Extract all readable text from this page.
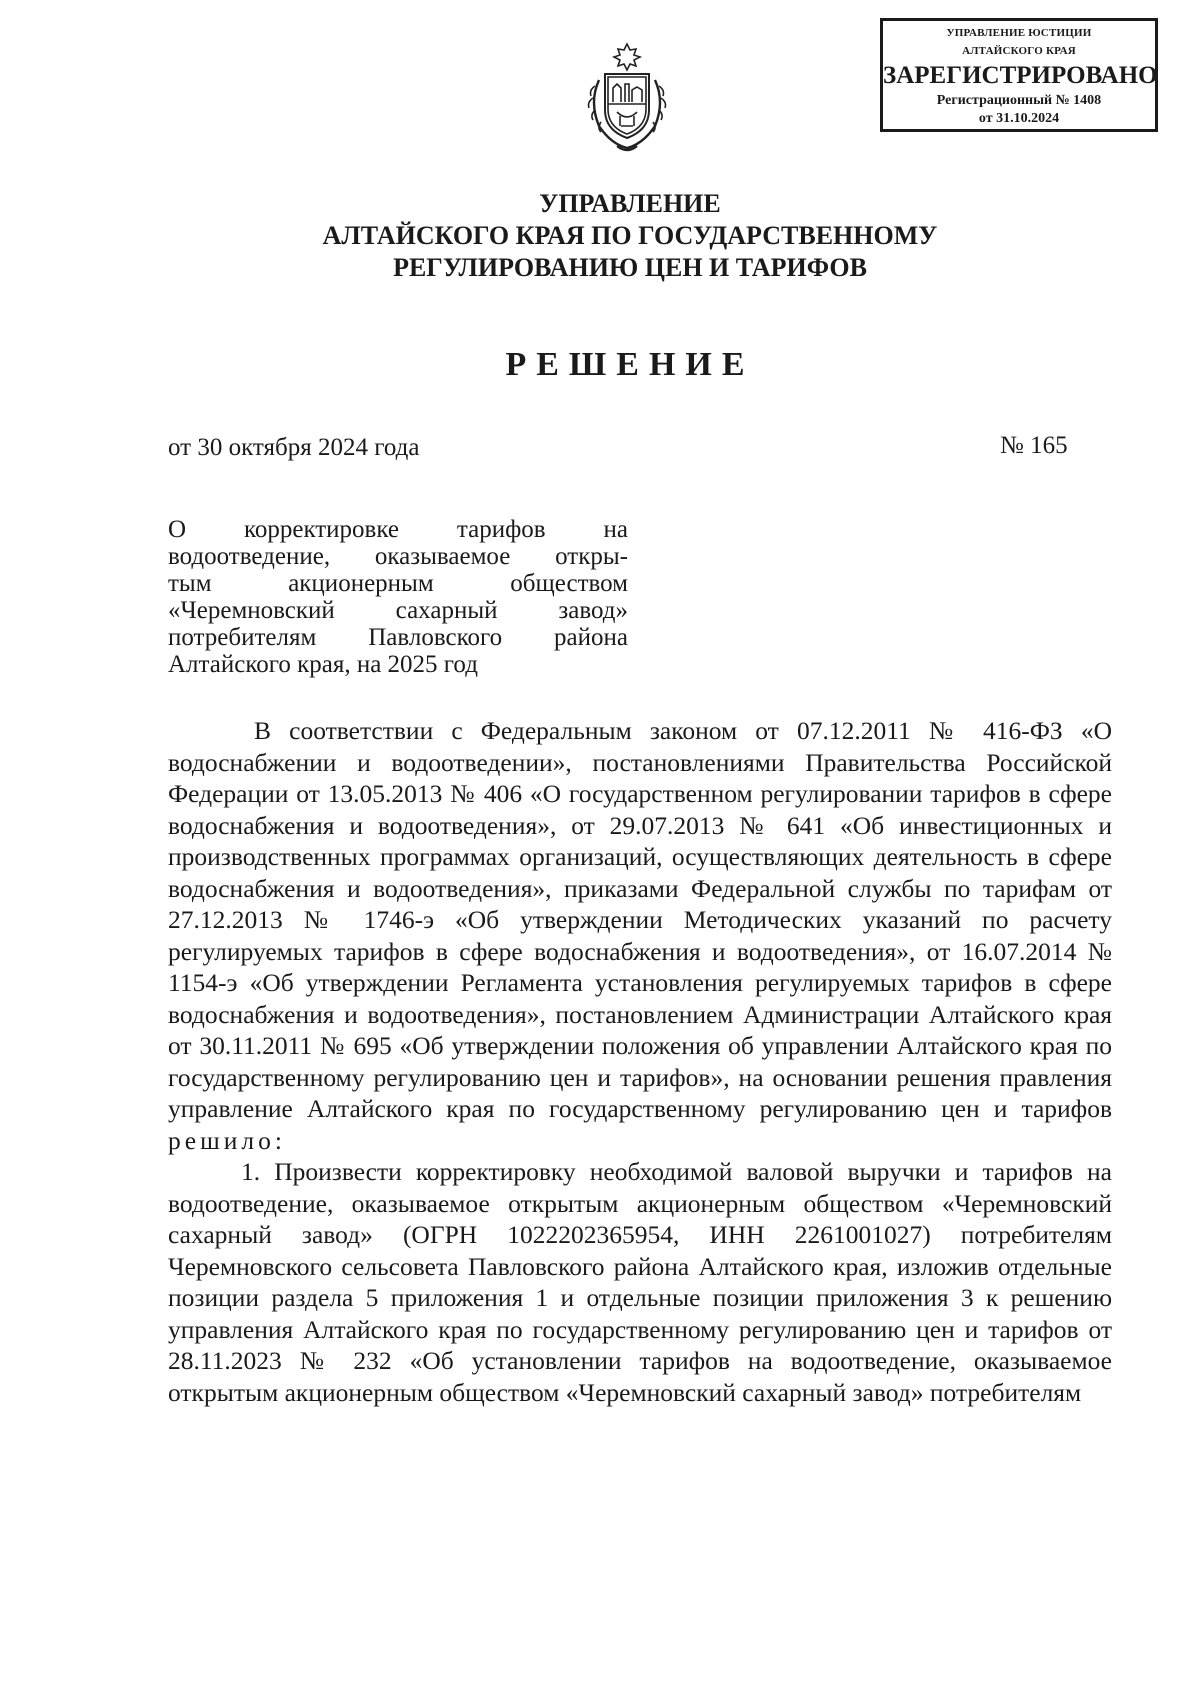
УПРАВЛЕНИЕ ЮСТИЦИИ
АЛТАЙСКОГО КРАЯ
ЗАРЕГИСТРИРОВАНО
Регистрационный № 1408
от 31.10.2024
УПРАВЛЕНИЕ
АЛТАЙСКОГО КРАЯ ПО ГОСУДАРСТВЕННОМУ
РЕГУЛИРОВАНИЮ ЦЕН И ТАРИФОВ
РЕШЕНИЕ
от 30 октября 2024 года	№ 165
О корректировке тарифов на
водоотведение, оказываемое откры-
тым акционерным обществом
«Черемновский сахарный завод»
потребителям Павловского района
Алтайского края, на 2025 год

В соответствии с Федеральным законом от 07.12.2011 № 416-ФЗ «О водоснабжении и водоотведении», постановлениями Правительства Российской Федерации от 13.05.2013 № 406 «О государственном регулировании тарифов в сфере водоснабжения и водоотведения», от 29.07.2013 № 641 «Об инвестиционных и производственных программах организаций, осуществляющих деятельность в сфере водоснабжения и водоотведения», приказами Федеральной службы по тарифам от 27.12.2013 № 1746-э «Об утверждении Методических указаний по расчету регулируемых тарифов в сфере водоснабжения и водоотведения», от 16.07.2014 № 1154-э «Об утверждении Регламента установления регулируемых тарифов в сфере водоснабжения и водоотведения», постановлением Администрации Алтайского края от 30.11.2011 № 695 «Об утверждении положения об управлении Алтайского края по государственному регулированию цен и тарифов», на основании решения правления управление Алтайского края по государственному регулированию цен и тарифов решило:

1. Произвести корректировку необходимой валовой выручки и тарифов на водоотведение, оказываемое открытым акционерным обществом «Черемновский сахарный завод» (ОГРН 1022202365954, ИНН 2261001027) потребителям Черемновского сельсовета Павловского района Алтайского края, изложив отдельные позиции раздела 5 приложения 1 и отдельные позиции приложения 3 к решению управления Алтайского края по государственному регулированию цен и тарифов от 28.11.2023 № 232 «Об установлении тарифов на водоотведение, оказываемое открытым акционерным обществом «Черемновский сахарный завод» потребителям
